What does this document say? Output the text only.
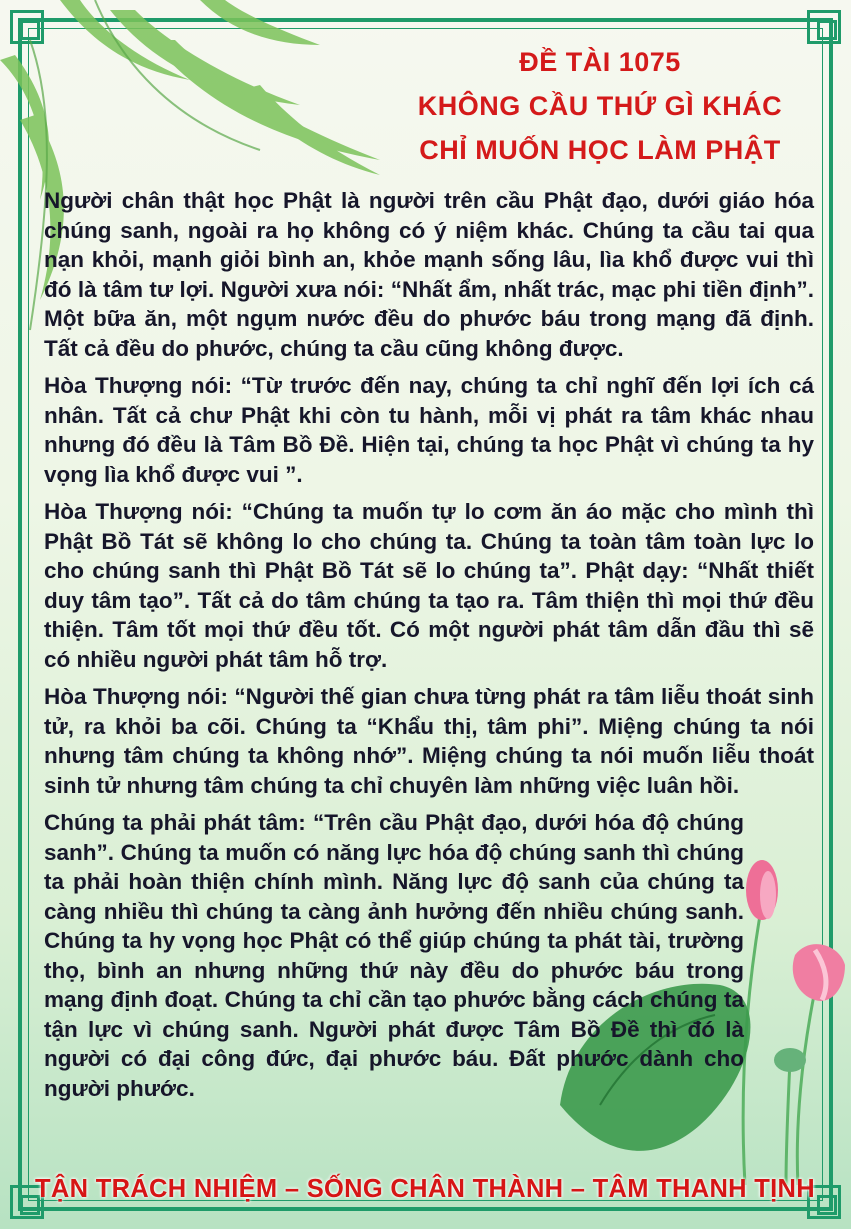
ĐỀ TÀI 1075
KHÔNG CẦU THỨ GÌ KHÁC
CHỈ MUỐN HỌC LÀM PHẬT

Người chân thật học Phật là người trên cầu Phật đạo, dưới giáo hóa chúng sanh, ngoài ra họ không có ý niệm khác. Chúng ta cầu tai qua nạn khỏi, mạnh giỏi bình an, khỏe mạnh sống lâu, lìa khổ được vui thì đó là tâm tư lợi. Người xưa nói: “Nhất ẩm, nhất trác, mạc phi tiền định”. Một bữa ăn, một ngụm nước đều do phước báu trong mạng đã định. Tất cả đều do phước, chúng ta cầu cũng không được.

Hòa Thượng nói: “Từ trước đến nay, chúng ta chỉ nghĩ đến lợi ích cá nhân. Tất cả chư Phật khi còn tu hành, mỗi vị phát ra tâm khác nhau nhưng đó đều là Tâm Bồ Đề. Hiện tại, chúng ta học Phật vì chúng ta hy vọng lìa khổ được vui ”.

Hòa Thượng nói: “Chúng ta muốn tự lo cơm ăn áo mặc cho mình thì Phật Bồ Tát sẽ không lo cho chúng ta. Chúng ta toàn tâm toàn lực lo cho chúng sanh thì Phật Bồ Tát sẽ lo chúng ta”. Phật dạy: “Nhất thiết duy tâm tạo”. Tất cả do tâm chúng ta tạo ra. Tâm thiện thì mọi thứ đều thiện. Tâm tốt mọi thứ đều tốt. Có một người phát tâm dẫn đầu thì sẽ có nhiều người phát tâm hỗ trợ.

Hòa Thượng nói: “Người thế gian chưa từng phát ra tâm liễu thoát sinh tử, ra khỏi ba cõi. Chúng ta “Khẩu thị, tâm phi”. Miệng chúng ta nói nhưng tâm chúng ta không nhớ”. Miệng chúng ta nói muốn liễu thoát sinh tử nhưng tâm chúng ta chỉ chuyên làm những việc luân hồi.

Chúng ta phải phát tâm: “Trên cầu Phật đạo, dưới hóa độ chúng sanh”. Chúng ta muốn có năng lực hóa độ chúng sanh thì chúng ta phải hoàn thiện chính mình. Năng lực độ sanh của chúng ta càng nhiều thì chúng ta càng ảnh hưởng đến nhiều chúng sanh. Chúng ta hy vọng học Phật có thể giúp chúng ta phát tài, trường thọ, bình an nhưng những thứ này đều do phước báu trong mạng định đoạt. Chúng ta chỉ cần tạo phước bằng cách chúng ta tận lực vì chúng sanh. Người phát được Tâm Bồ Đề thì đó là người có đại công đức, đại phước báu. Đất phước dành cho người phước.

TẬN TRÁCH NHIỆM – SỐNG CHÂN THÀNH – TÂM THANH TỊNH
